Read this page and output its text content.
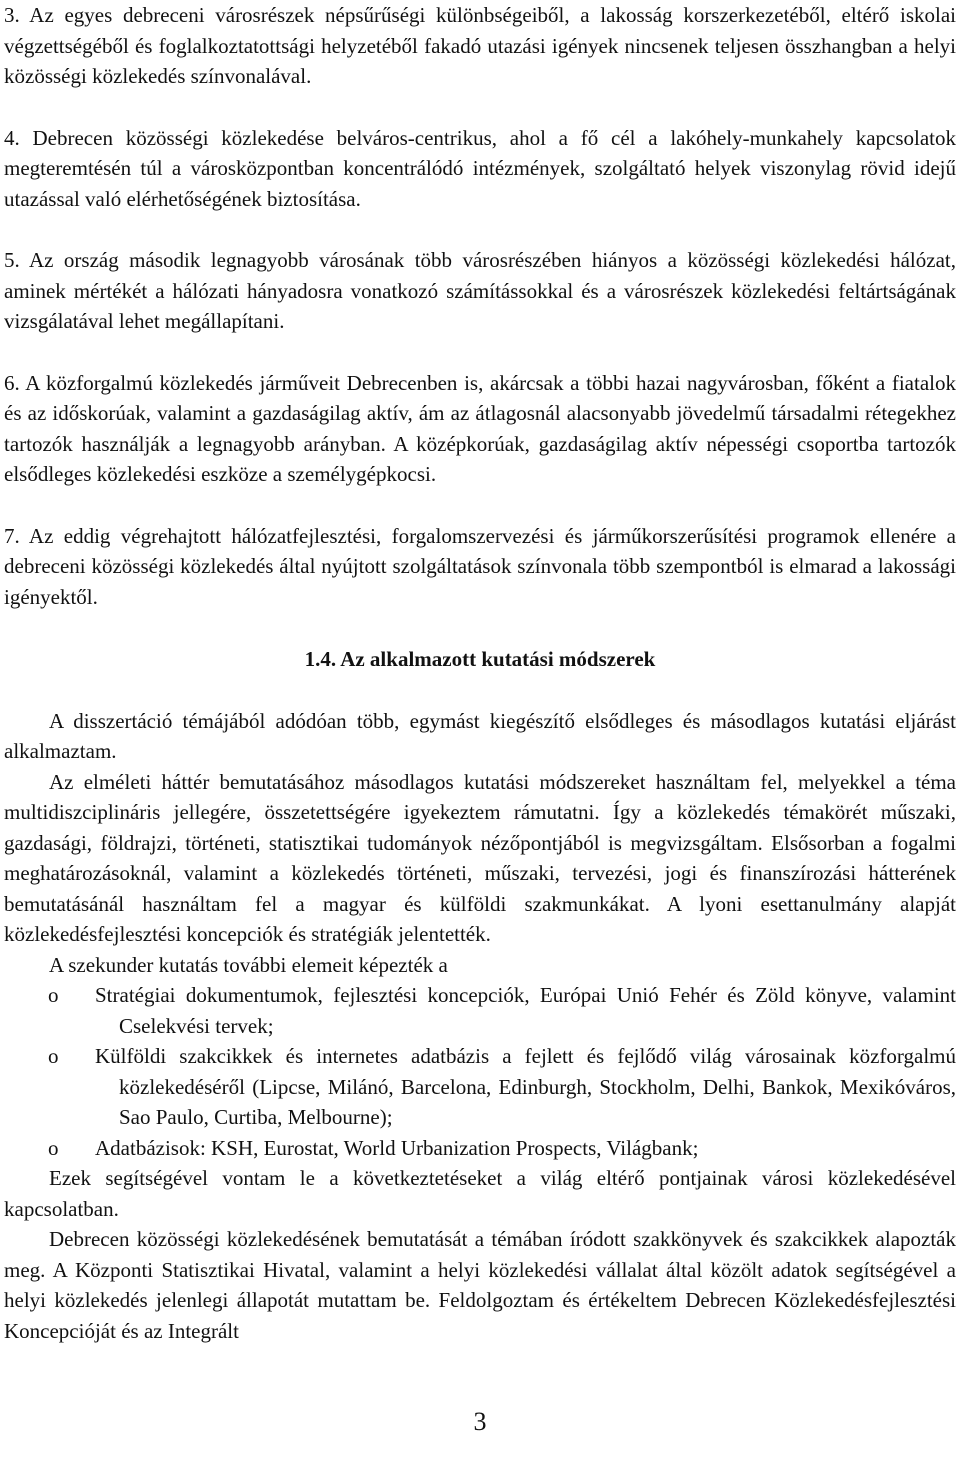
3. Az egyes debreceni városrészek népsűrűségi különbségeiből, a lakosság korszerkezetéből, eltérő iskolai végzettségéből és foglalkoztatottsági helyzetéből fakadó utazási igények nincsenek teljesen összhangban a helyi közösségi közlekedés színvonalával.

4. Debrecen közösségi közlekedése belváros-centrikus, ahol a fő cél a lakóhely-munkahely kapcsolatok megteremtésén túl a városközpontban koncentrálódó intézmények, szolgáltató helyek viszonylag rövid idejű utazással való elérhetőségének biztosítása.

5. Az ország második legnagyobb városának több városrészében hiányos a közösségi közlekedési hálózat, aminek mértékét a hálózati hányadosra vonatkozó számítássokkal és a városrészek közlekedési feltártságának vizsgálatával lehet megállapítani.

6. A közforgalmú közlekedés járműveit Debrecenben is, akárcsak a többi hazai nagyvárosban, főként a fiatalok és az időskorúak, valamint a gazdaságilag aktív, ám az átlagosnál alacsonyabb jövedelmű társadalmi rétegekhez tartozók használják a legnagyobb arányban. A középkorúak, gazdaságilag aktív népességi csoportba tartozók elsődleges közlekedési eszköze a személygépkocsi.

7. Az eddig végrehajtott hálózatfejlesztési, forgalomszervezési és járműkorszerűsítési programok ellenére a debreceni közösségi közlekedés által nyújtott szolgáltatások színvonala több szempontból is elmarad a lakossági igényektől.

1.4. Az alkalmazott kutatási módszerek

A disszertáció témájából adódóan több, egymást kiegészítő elsődleges és másodlagos kutatási eljárást alkalmaztam.

Az elméleti háttér bemutatásához másodlagos kutatási módszereket használtam fel, melyekkel a téma multidiszciplináris jellegére, összetettségére igyekeztem rámutatni. Így a közlekedés témakörét műszaki, gazdasági, földrajzi, történeti, statisztikai tudományok nézőpontjából is megvizsgáltam. Elsősorban a fogalmi meghatározásoknál, valamint a közlekedés történeti, műszaki, tervezési, jogi és finanszírozási hátterének bemutatásánál használtam fel a magyar és külföldi szakmunkákat. A lyoni esettanulmány alapját közlekedésfejlesztési koncepciók és stratégiák jelentették.

A szekunder kutatás további elemeit képezték a

o Stratégiai dokumentumok, fejlesztési koncepciók, Európai Unió Fehér és Zöld könyve, valamint Cselekvési tervek;
o Külföldi szakcikkek és internetes adatbázis a fejlett és fejlődő világ városainak közforgalmú közlekedéséről (Lipcse, Milánó, Barcelona, Edinburgh, Stockholm, Delhi, Bankok, Mexikóváros, Sao Paulo, Curtiba, Melbourne);
o Adatbázisok: KSH, Eurostat, World Urbanization Prospects, Világbank;

Ezek segítségével vontam le a következtetéseket a világ eltérő pontjainak városi közlekedésével kapcsolatban.

Debrecen közösségi közlekedésének bemutatását a témában íródott szakkönyvek és szakcikkek alapozták meg. A Központi Statisztikai Hivatal, valamint a helyi közlekedési vállalat által közölt adatok segítségével a helyi közlekedés jelenlegi állapotát mutattam be. Feldolgoztam és értékeltem Debrecen Közlekedésfejlesztési Koncepcióját és az Integrált

3
